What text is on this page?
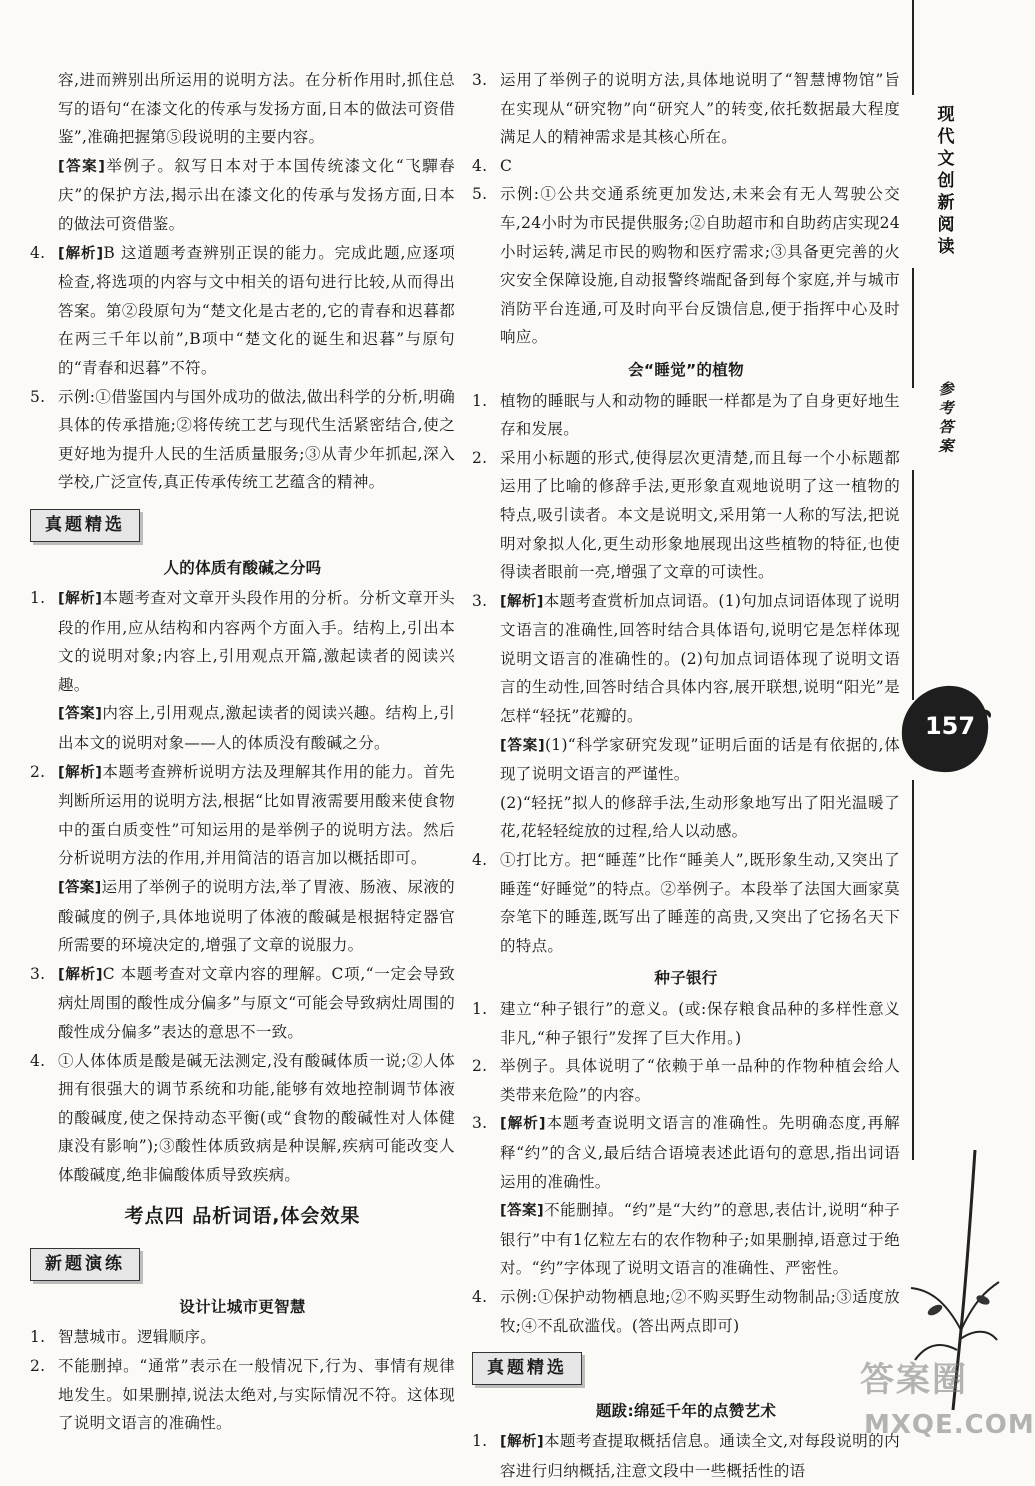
容,进而辨别出所运用的说明方法。在分析作用时,抓住总写的语句“在漆文化的传承与发扬方面,日本的做法可资借鉴”,准确把握第⑤段说明的主要内容。
[答案]举例子。叙写日本对于本国传统漆文化“飞驒春庆”的保护方法,揭示出在漆文化的传承与发扬方面,日本的做法可资借鉴。
4. [解析]B 这道题考查辨别正误的能力。完成此题,应逐项检查,将选项的内容与文中相关的语句进行比较,从而得出答案。第②段原句为“楚文化是古老的,它的青春和迟暮都在两三千年以前”,B项中“楚文化的诞生和迟暮”与原句的“青春和迟暮”不符。
5. 示例:①借鉴国内与国外成功的做法,做出科学的分析,明确具体的传承措施;②将传统工艺与现代生活紧密结合,使之更好地为提升人民的生活质量服务;③从青少年抓起,深入学校,广泛宣传,真正传承传统工艺蕴含的精神。
真题精选
人的体质有酸碱之分吗
1. [解析]本题考查对文章开头段作用的分析。分析文章开头段的作用,应从结构和内容两个方面入手。结构上,引出本文的说明对象;内容上,引用观点开篇,激起读者的阅读兴趣。
[答案]内容上,引用观点,激起读者的阅读兴趣。结构上,引出本文的说明对象——人的体质没有酸碱之分。
2. [解析]本题考查辨析说明方法及理解其作用的能力。首先判断所运用的说明方法,根据“比如胃液需要用酸来使食物中的蛋白质变性”可知运用的是举例子的说明方法。然后分析说明方法的作用,并用简洁的语言加以概括即可。
[答案]运用了举例子的说明方法,举了胃液、肠液、尿液的酸碱度的例子,具体地说明了体液的酸碱是根据特定器官所需要的环境决定的,增强了文章的说服力。
3. [解析]C 本题考查对文章内容的理解。C项,“一定会导致病灶周围的酸性成分偏多”与原文“可能会导致病灶周围的酸性成分偏多”表达的意思不一致。
4. ①人体体质是酸是碱无法测定,没有酸碱体质一说;②人体拥有很强大的调节系统和功能,能够有效地控制调节体液的酸碱度,使之保持动态平衡(或“食物的酸碱性对人体健康没有影响”);③酸性体质致病是种误解,疾病可能改变人体酸碱度,绝非偏酸体质导致疾病。
考点四 品析词语,体会效果
新题演练
设计让城市更智慧
1. 智慧城市。逻辑顺序。
2. 不能删掉。“通常”表示在一般情况下,行为、事情有规律地发生。如果删掉,说法太绝对,与实际情况不符。这体现了说明文语言的准确性。
3. 运用了举例子的说明方法,具体地说明了“智慧博物馆”旨在实现从“研究物”向“研究人”的转变,依托数据最大程度满足人的精神需求是其核心所在。
4. C
5. 示例:①公共交通系统更加发达,未来会有无人驾驶公交车,24小时为市民提供服务;②自助超市和自助药店实现24小时运转,满足市民的购物和医疗需求;③具备更完善的火灾安全保障设施,自动报警终端配备到每个家庭,并与城市消防平台连通,可及时向平台反馈信息,便于指挥中心及时响应。
会“睡觉”的植物
1. 植物的睡眠与人和动物的睡眠一样都是为了自身更好地生存和发展。
2. 采用小标题的形式,使得层次更清楚,而且每一个小标题都运用了比喻的修辞手法,更形象直观地说明了这一植物的特点,吸引读者。本文是说明文,采用第一人称的写法,把说明对象拟人化,更生动形象地展现出这些植物的特征,也使得读者眼前一亮,增强了文章的可读性。
3. [解析]本题考查赏析加点词语。(1)句加点词语体现了说明文语言的准确性,回答时结合具体语句,说明它是怎样体现说明文语言的准确性的。(2)句加点词语体现了说明文语言的生动性,回答时结合具体内容,展开联想,说明“阳光”是怎样“轻抚”花瓣的。
[答案](1)“科学家研究发现”证明后面的话是有依据的,体现了说明文语言的严谨性。
(2)“轻抚”拟人的修辞手法,生动形象地写出了阳光温暖了花,花轻轻绽放的过程,给人以动感。
4. ①打比方。把“睡莲”比作“睡美人”,既形象生动,又突出了睡莲“好睡觉”的特点。②举例子。本段举了法国大画家莫奈笔下的睡莲,既写出了睡莲的高贵,又突出了它扬名天下的特点。
种子银行
1. 建立“种子银行”的意义。(或:保存粮食品种的多样性意义非凡,“种子银行”发挥了巨大作用。)
2. 举例子。具体说明了“依赖于单一品种的作物种植会给人类带来危险”的内容。
3. [解析]本题考查说明文语言的准确性。先明确态度,再解释“约”的含义,最后结合语境表述此语句的意思,指出词语运用的准确性。
[答案]不能删掉。“约”是“大约”的意思,表估计,说明“种子银行”中有1亿粒左右的农作物种子;如果删掉,语意过于绝对。“约”字体现了说明文语言的准确性、严密性。
4. 示例:①保护动物栖息地;②不购买野生动物制品;③适度放牧;④不乱砍滥伐。(答出两点即可)
真题精选
题跋:绵延千年的点赞艺术
1. [解析]本题考查提取概括信息。通读全文,对每段说明的内容进行归纳概括,注意文段中一些概括性的语
现代文创新阅读
参考答案
157
答案圈
MXQE.COM
